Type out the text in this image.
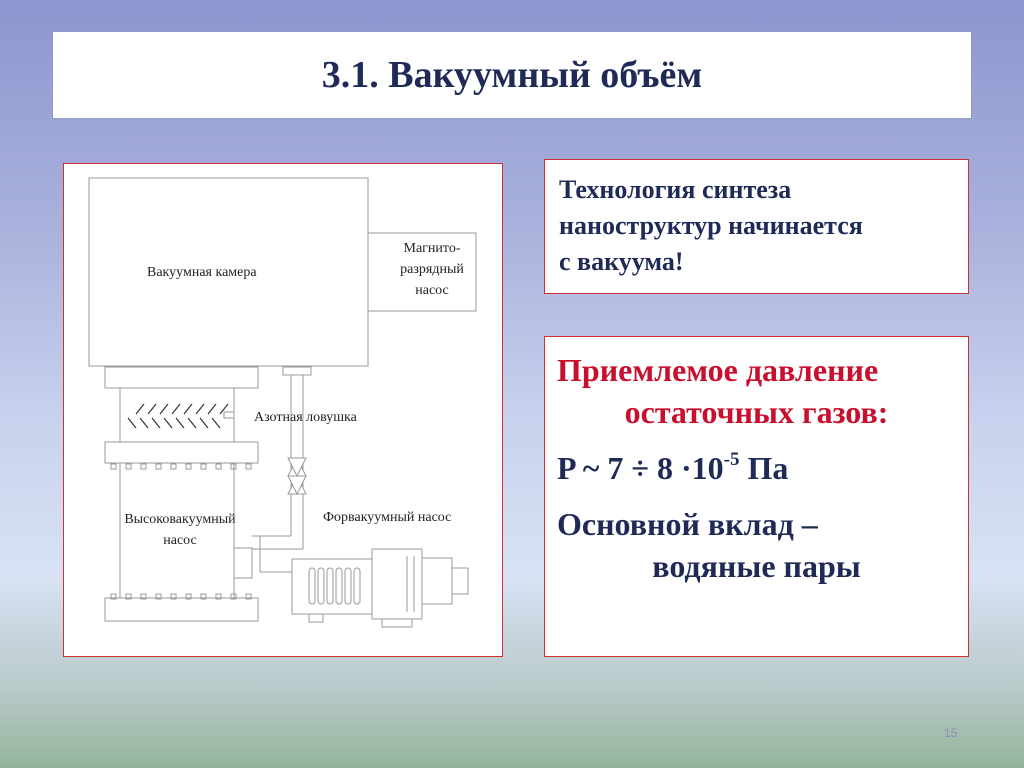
3.1. Вакуумный объём
Вакуумная камера
Магнито-
разрядный
насос
Азотная ловушка
Высоковакуумный
насос
Форвакуумный насос

Технология синтеза

наноструктур начинается

с вакуума!

Приемлемое давление
остаточных газов:
P ~ $7 \div 8 \cdot 10^{-5}$ Па
Основной вклад –
водяные пары
15
